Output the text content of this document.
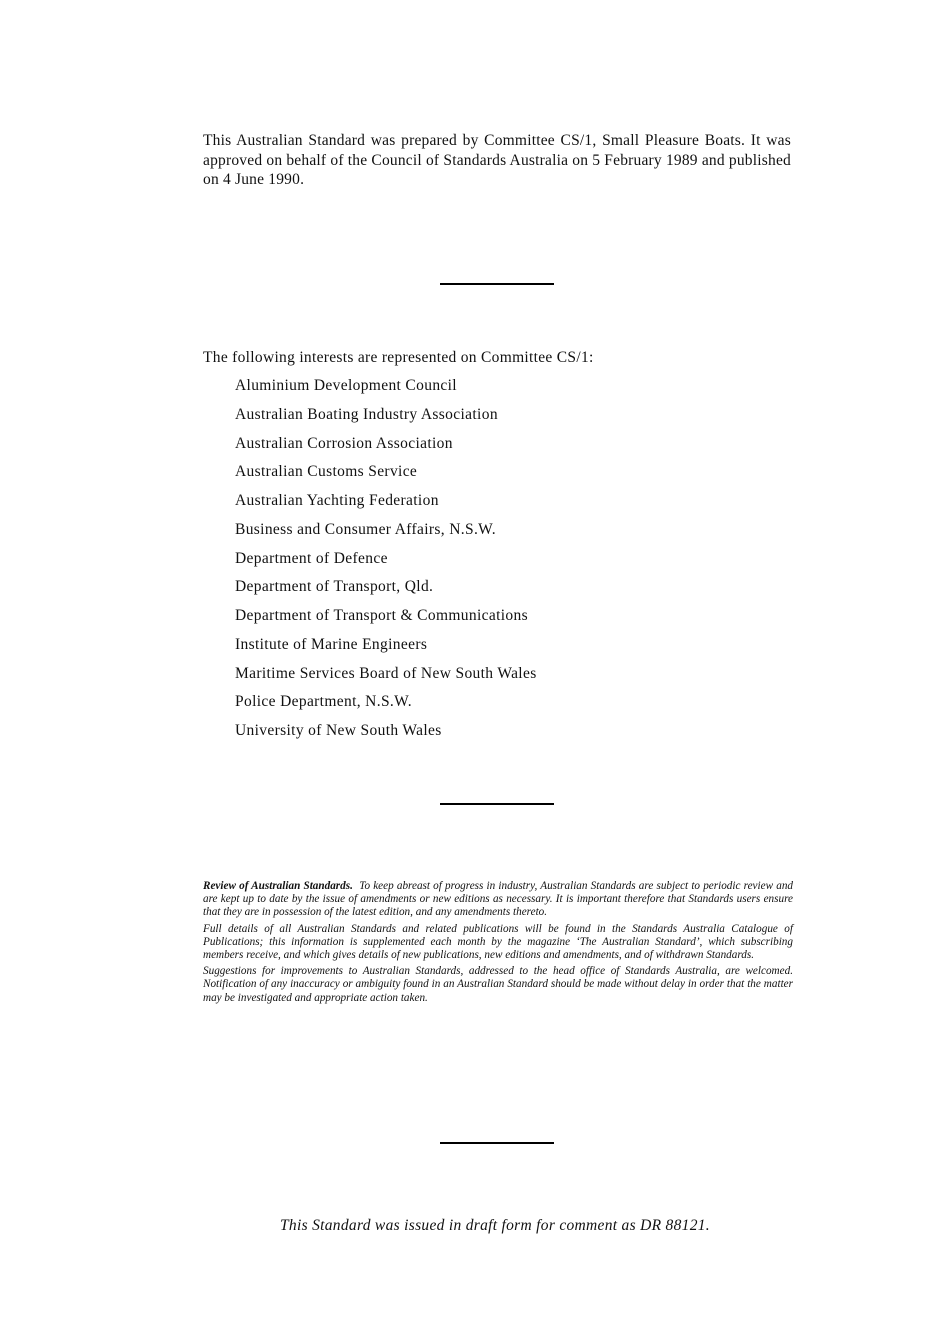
This Australian Standard was prepared by Committee CS/1, Small Pleasure Boats. It was approved on behalf of the Council of Standards Australia on 5 February 1989 and published on 4 June 1990.

The following interests are represented on Committee CS/1:
Aluminium Development Council
Australian Boating Industry Association
Australian Corrosion Association
Australian Customs Service
Australian Yachting Federation
Business and Consumer Affairs, N.S.W.
Department of Defence
Department of Transport, Qld.
Department of Transport & Communications
Institute of Marine Engineers
Maritime Services Board of New South Wales
Police Department, N.S.W.
University of New South Wales

Review of Australian Standards. To keep abreast of progress in industry, Australian Standards are subject to periodic review and are kept up to date by the issue of amendments or new editions as necessary. It is important therefore that Standards users ensure that they are in possession of the latest edition, and any amendments thereto.

Full details of all Australian Standards and related publications will be found in the Standards Australia Catalogue of Publications; this information is supplemented each month by the magazine ‘The Australian Standard’, which subscribing members receive, and which gives details of new publications, new editions and amendments, and of withdrawn Standards.

Suggestions for improvements to Australian Standards, addressed to the head office of Standards Australia, are welcomed. Notification of any inaccuracy or ambiguity found in an Australian Standard should be made without delay in order that the matter may be investigated and appropriate action taken.

This Standard was issued in draft form for comment as DR 88121.
